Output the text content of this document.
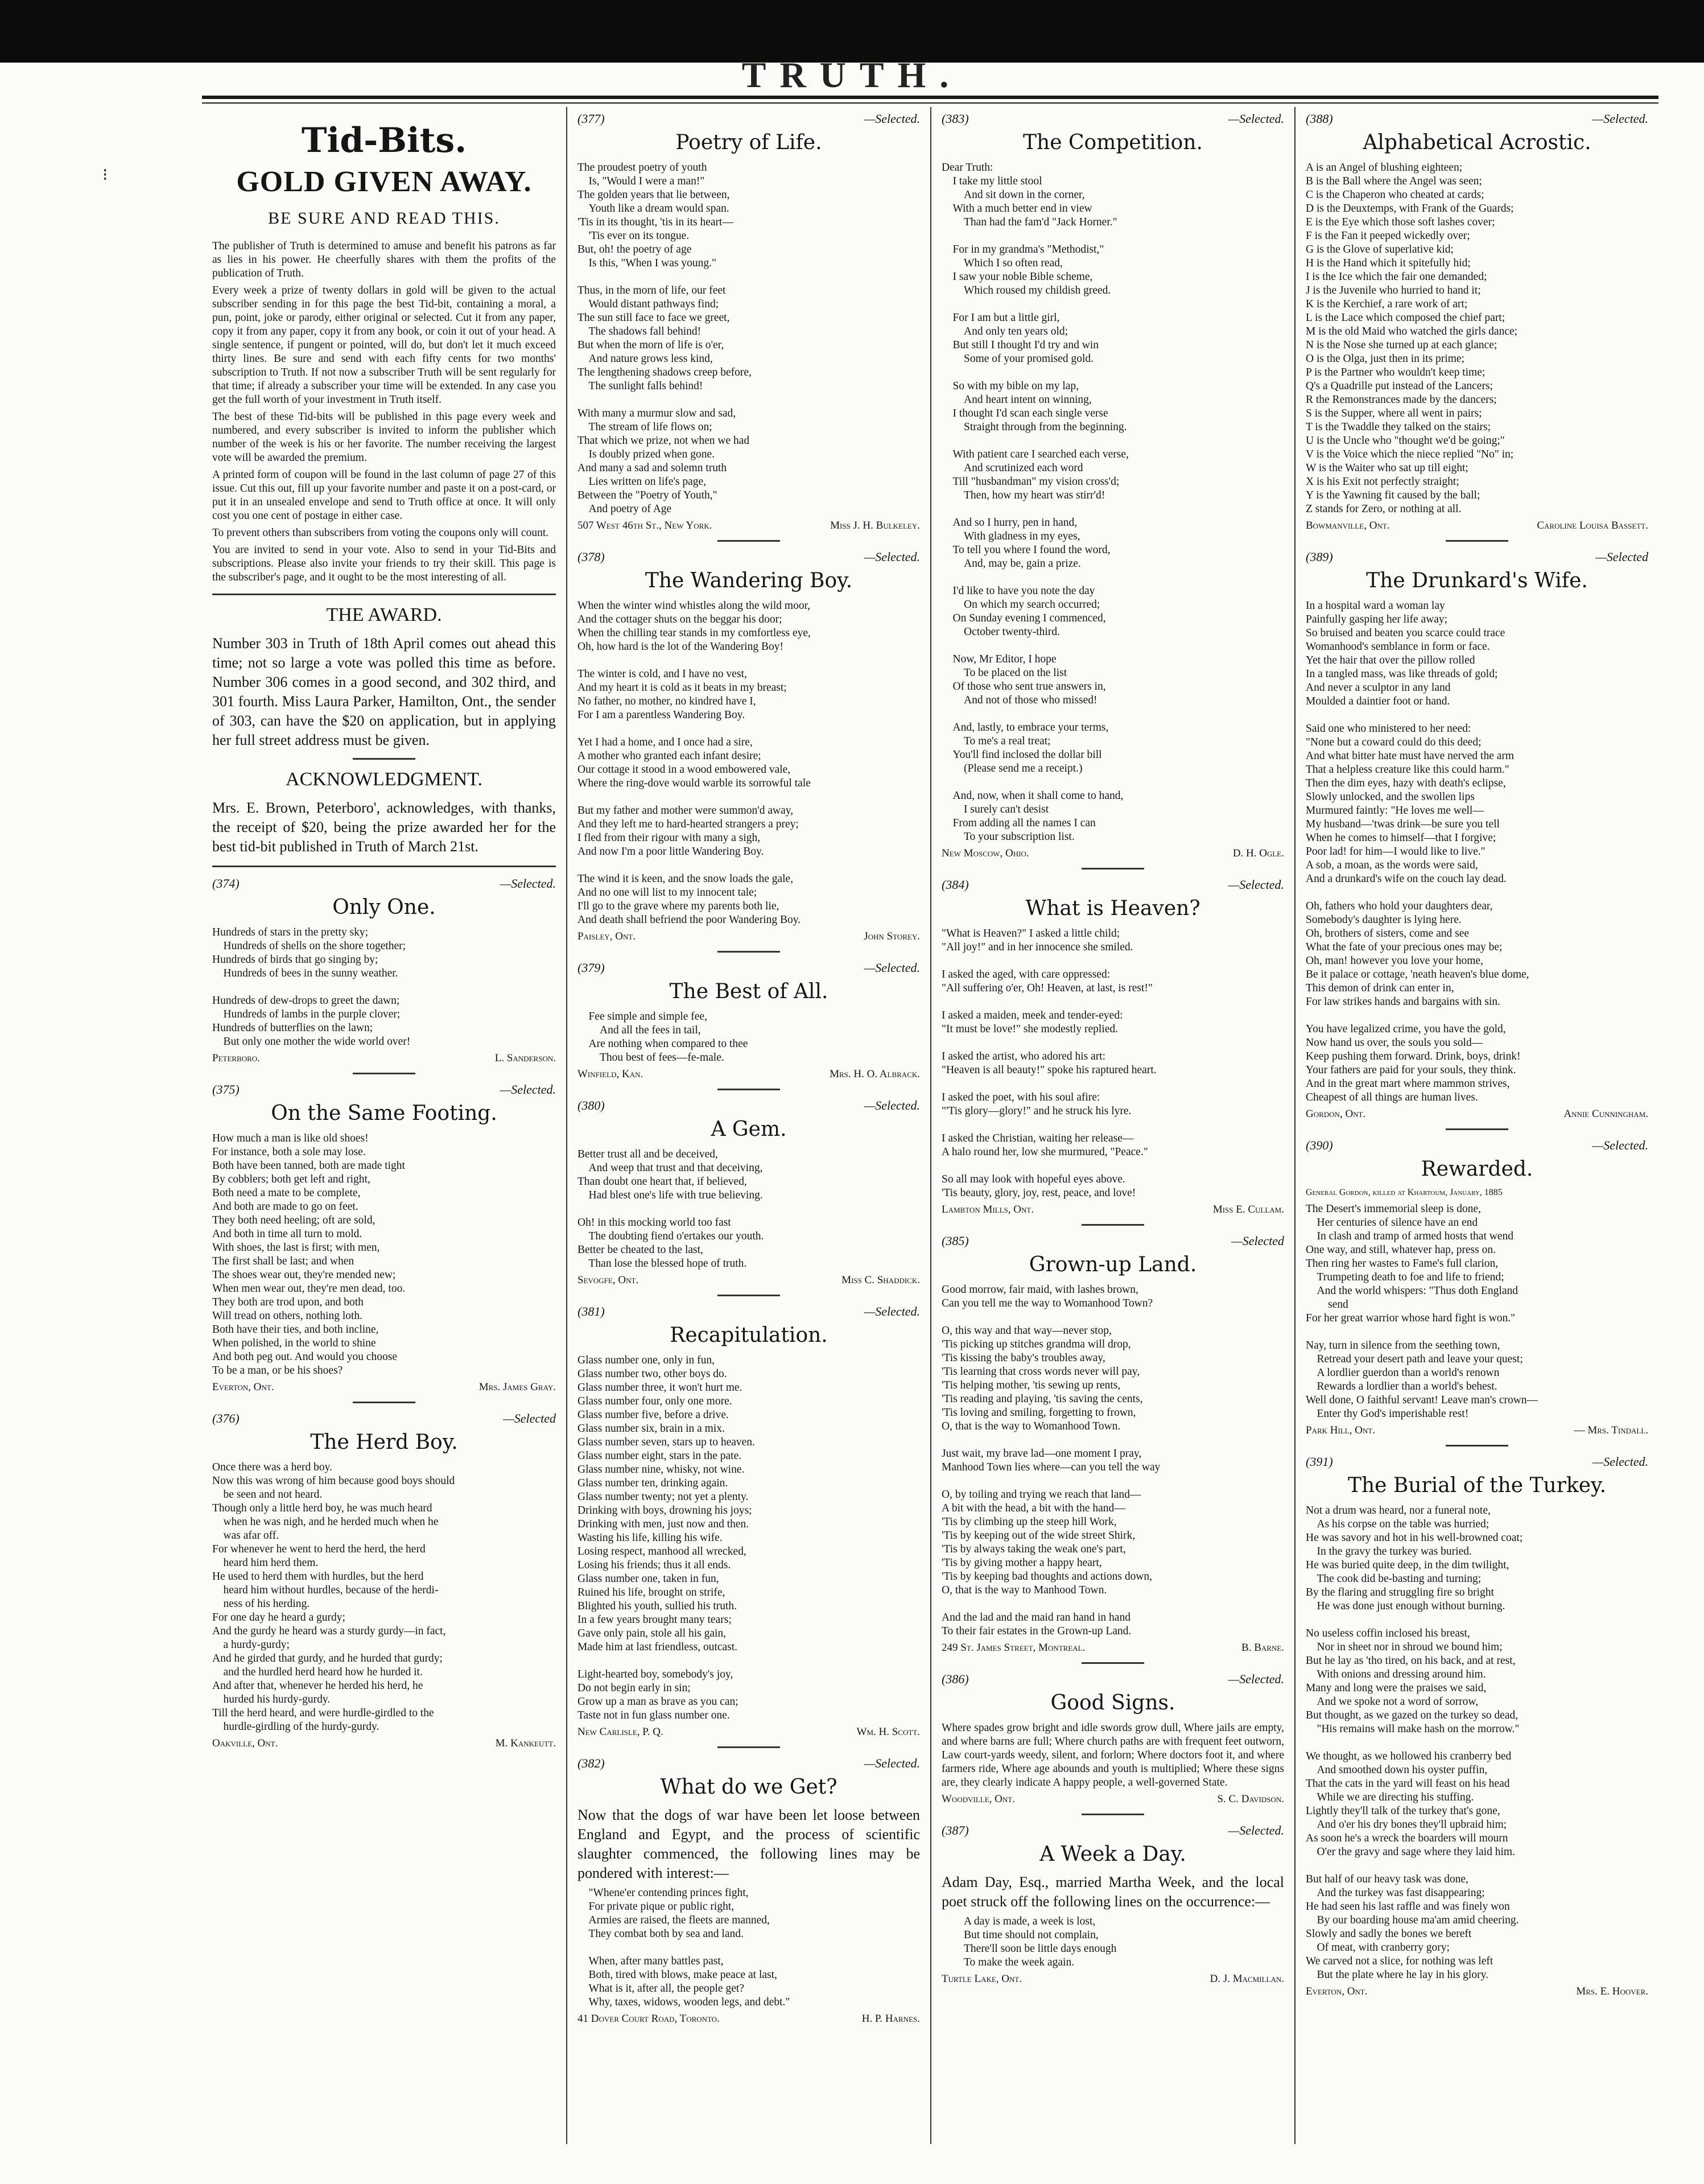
TRUTH.
⁝
Tid-Bits.
GOLD GIVEN AWAY.
BE SURE AND READ THIS.

The publisher of Truth is determined to amuse and benefit his patrons as far as lies in his power. He cheerfully shares with them the profits of the publication of Truth.

Every week a prize of twenty dollars in gold will be given to the actual subscriber sending in for this page the best Tid-bit, containing a moral, a pun, point, joke or parody, either original or selected. Cut it from any paper, copy it from any paper, copy it from any book, or coin it out of your head. A single sentence, if pungent or pointed, will do, but don't let it much exceed thirty lines. Be sure and send with each fifty cents for two months' subscription to Truth. If not now a subscriber Truth will be sent regularly for that time; if already a subscriber your time will be extended. In any case you get the full worth of your investment in Truth itself.

The best of these Tid-bits will be published in this page every week and numbered, and every subscriber is invited to inform the publisher which number of the week is his or her favorite. The number receiving the largest vote will be awarded the premium.

A printed form of coupon will be found in the last column of page 27 of this issue. Cut this out, fill up your favorite number and paste it on a post-card, or put it in an unsealed envelope and send to Truth office at once. It will only cost you one cent of postage in either case.

To prevent others than subscribers from voting the coupons only will count.

You are invited to send in your vote. Also to send in your Tid-Bits and subscriptions. Please also invite your friends to try their skill. This page is the subscriber's page, and it ought to be the most interesting of all.

THE AWARD.

Number 303 in Truth of 18th April comes out ahead this time; not so large a vote was polled this time as before. Number 306 comes in a good second, and 302 third, and 301 fourth. Miss Laura Parker, Hamilton, Ont., the sender of 303, can have the $20 on application, but in applying her full street address must be given.

ACKNOWLEDGMENT.

Mrs. E. Brown, Peterboro', acknowledges, with thanks, the receipt of $20, being the prize awarded her for the best tid-bit published in Truth of March 21st.

(374)	—Selected.
Only One.
Hundreds of stars in the pretty sky;
Hundreds of shells on the shore together;
Hundreds of birds that go singing by;
Hundreds of bees in the sunny weather.

Hundreds of dew-drops to greet the dawn;
Hundreds of lambs in the purple clover;
Hundreds of butterflies on the lawn;
But only one mother the wide world over!
Peterboro.	L. Sanderson.
(375)	—Selected.
On the Same Footing.
How much a man is like old shoes!
For instance, both a sole may lose.
Both have been tanned, both are made tight
By cobblers; both get left and right,
Both need a mate to be complete,
And both are made to go on feet.
They both need heeling; oft are sold,
And both in time all turn to mold.
With shoes, the last is first; with men,
The first shall be last; and when
The shoes wear out, they're mended new;
When men wear out, they're men dead, too.
They both are trod upon, and both
Will tread on others, nothing loth.
Both have their ties, and both incline,
When polished, in the world to shine
And both peg out. And would you choose
To be a man, or be his shoes?
Everton, Ont.	Mrs. James Gray.
(376)	—Selected
The Herd Boy.
Once there was a herd boy.
Now this was wrong of him because good boys should
be seen and not heard.
Though only a little herd boy, he was much heard
when he was nigh, and he herded much when he
was afar off.
For whenever he went to herd the herd, the herd
heard him herd them.
He used to herd them with hurdles, but the herd
heard him without hurdles, because of the herdi-
ness of his herding.
For one day he heard a gurdy;
And the gurdy he heard was a sturdy gurdy—in fact,
a hurdy-gurdy;
And he girded that gurdy, and he hurded that gurdy;
and the hurdled herd heard how he hurded it.
And after that, whenever he herded his herd, he
hurded his hurdy-gurdy.
Till the herd heard, and were hurdle-girdled to the
hurdle-girdling of the hurdy-gurdy.
Oakville, Ont.	M. Kankeutt.
(377)	—Selected.
Poetry of Life.
The proudest poetry of youth
Is, "Would I were a man!"
The golden years that lie between,
Youth like a dream would span.
'Tis in its thought, 'tis in its heart—
'Tis ever on its tongue.
But, oh! the poetry of age
Is this, "When I was young."

Thus, in the morn of life, our feet
Would distant pathways find;
The sun still face to face we greet,
The shadows fall behind!
But when the morn of life is o'er,
And nature grows less kind,
The lengthening shadows creep before,
The sunlight falls behind!

With many a murmur slow and sad,
The stream of life flows on;
That which we prize, not when we had
Is doubly prized when gone.
And many a sad and solemn truth
Lies written on life's page,
Between the "Poetry of Youth,"
And poetry of Age
507 West 46th St., New York.	Miss J. H. Bulkeley.
(378)	—Selected.
The Wandering Boy.
When the winter wind whistles along the wild moor,
And the cottager shuts on the beggar his door;
When the chilling tear stands in my comfortless eye,
Oh, how hard is the lot of the Wandering Boy!

The winter is cold, and I have no vest,
And my heart it is cold as it beats in my breast;
No father, no mother, no kindred have I,
For I am a parentless Wandering Boy.

Yet I had a home, and I once had a sire,
A mother who granted each infant desire;
Our cottage it stood in a wood embowered vale,
Where the ring-dove would warble its sorrowful tale

But my father and mother were summon'd away,
And they left me to hard-hearted strangers a prey;
I fled from their rigour with many a sigh,
And now I'm a poor little Wandering Boy.

The wind it is keen, and the snow loads the gale,
And no one will list to my innocent tale;
I'll go to the grave where my parents both lie,
And death shall befriend the poor Wandering Boy.
Paisley, Ont.	John Storey.
(379)	—Selected.
The Best of All.
Fee simple and simple fee,
And all the fees in tail,
Are nothing when compared to thee
Thou best of fees—fe-male.
Winfield, Kan.	Mrs. H. O. Albrack.
(380)	—Selected.
A Gem.
Better trust all and be deceived,
And weep that trust and that deceiving,
Than doubt one heart that, if believed,
Had blest one's life with true believing.

Oh! in this mocking world too fast
The doubting fiend o'ertakes our youth.
Better be cheated to the last,
Than lose the blessed hope of truth.
Sevogfe, Ont.	Miss C. Shaddick.
(381)	—Selected.
Recapitulation.
Glass number one, only in fun,
Glass number two, other boys do.
Glass number three, it won't hurt me.
Glass number four, only one more.
Glass number five, before a drive.
Glass number six, brain in a mix.
Glass number seven, stars up to heaven.
Glass number eight, stars in the pate.
Glass number nine, whisky, not wine.
Glass number ten, drinking again.
Glass number twenty; not yet a plenty.
Drinking with boys, drowning his joys;
Drinking with men, just now and then.
Wasting his life, killing his wife.
Losing respect, manhood all wrecked,
Losing his friends; thus it all ends.
Glass number one, taken in fun,
Ruined his life, brought on strife,
Blighted his youth, sullied his truth.
In a few years brought many tears;
Gave only pain, stole all his gain,
Made him at last friendless, outcast.

Light-hearted boy, somebody's joy,
Do not begin early in sin;
Grow up a man as brave as you can;
Taste not in fun glass number one.
New Carlisle, P. Q.	Wm. H. Scott.
(382)	—Selected.
What do we Get?

Now that the dogs of war have been let loose between England and Egypt, and the process of scientific slaughter commenced, the following lines may be pondered with interest:—

"Whene'er contending princes fight,
For private pique or public right,
Armies are raised, the fleets are manned,
They combat both by sea and land.

When, after many battles past,
Both, tired with blows, make peace at last,
What is it, after all, the people get?
Why, taxes, widows, wooden legs, and debt."
41 Dover Court Road, Toronto.	H. P. Harnes.
(383)	—Selected.
The Competition.
Dear Truth:
I take my little stool
And sit down in the corner,
With a much better end in view
Than had the fam'd "Jack Horner."

For in my grandma's "Methodist,"
Which I so often read,
I saw your noble Bible scheme,
Which roused my childish greed.

For I am but a little girl,
And only ten years old;
But still I thought I'd try and win
Some of your promised gold.

So with my bible on my lap,
And heart intent on winning,
I thought I'd scan each single verse
Straight through from the beginning.

With patient care I searched each verse,
And scrutinized each word
Till "husbandman" my vision cross'd;
Then, how my heart was stirr'd!

And so I hurry, pen in hand,
With gladness in my eyes,
To tell you where I found the word,
And, may be, gain a prize.

I'd like to have you note the day
On which my search occurred;
On Sunday evening I commenced,
October twenty-third.

Now, Mr Editor, I hope
To be placed on the list
Of those who sent true answers in,
And not of those who missed!

And, lastly, to embrace your terms,
To me's a real treat;
You'll find inclosed the dollar bill
(Please send me a receipt.)

And, now, when it shall come to hand,
I surely can't desist
From adding all the names I can
To your subscription list.
New Moscow, Ohio.	D. H. Ogle.
(384)	—Selected.
What is Heaven?
"What is Heaven?" I asked a little child;
"All joy!" and in her innocence she smiled.

I asked the aged, with care oppressed:
"All suffering o'er, Oh! Heaven, at last, is rest!"

I asked a maiden, meek and tender-eyed:
"It must be love!" she modestly replied.

I asked the artist, who adored his art:
"Heaven is all beauty!" spoke his raptured heart.

I asked the poet, with his soul afire:
"'Tis glory—glory!" and he struck his lyre.

I asked the Christian, waiting her release—
A halo round her, low she murmured, "Peace."

So all may look with hopeful eyes above.
'Tis beauty, glory, joy, rest, peace, and love!
Lambton Mills, Ont.	Miss E. Cullam.
(385)	—Selected
Grown-up Land.
Good morrow, fair maid, with lashes brown,
Can you tell me the way to Womanhood Town?

O, this way and that way—never stop,
'Tis picking up stitches grandma will drop,
'Tis kissing the baby's troubles away,
'Tis learning that cross words never will pay,
'Tis helping mother, 'tis sewing up rents,
'Tis reading and playing, 'tis saving the cents,
'Tis loving and smiling, forgetting to frown,
O, that is the way to Womanhood Town.

Just wait, my brave lad—one moment I pray,
Manhood Town lies where—can you tell the way

O, by toiling and trying we reach that land—
A bit with the head, a bit with the hand—
'Tis by climbing up the steep hill Work,
'Tis by keeping out of the wide street Shirk,
'Tis by always taking the weak one's part,
'Tis by giving mother a happy heart,
'Tis by keeping bad thoughts and actions down,
O, that is the way to Manhood Town.

And the lad and the maid ran hand in hand
To their fair estates in the Grown-up Land.
249 St. James Street, Montreal.	B. Barne.
(386)	—Selected.
Good Signs.

Where spades grow bright and idle swords grow dull, Where jails are empty, and where barns are full; Where church paths are with frequent feet outworn, Law court-yards weedy, silent, and forlorn; Where doctors foot it, and where farmers ride, Where age abounds and youth is multiplied; Where these signs are, they clearly indicate A happy people, a well-governed State.

Woodville, Ont.	S. C. Davidson.
(387)	—Selected.
A Week a Day.

Adam Day, Esq., married Martha Week, and the local poet struck off the following lines on the occurrence:—

A day is made, a week is lost,
But time should not complain,
There'll soon be little days enough
To make the week again.
Turtle Lake, Ont.	D. J. Macmillan.
(388)	—Selected.
Alphabetical Acrostic.
A is an Angel of blushing eighteen;
B is the Ball where the Angel was seen;
C is the Chaperon who cheated at cards;
D is the Deuxtemps, with Frank of the Guards;
E is the Eye which those soft lashes cover;
F is the Fan it peeped wickedly over;
G is the Glove of superlative kid;
H is the Hand which it spitefully hid;
I is the Ice which the fair one demanded;
J is the Juvenile who hurried to hand it;
K is the Kerchief, a rare work of art;
L is the Lace which composed the chief part;
M is the old Maid who watched the girls dance;
N is the Nose she turned up at each glance;
O is the Olga, just then in its prime;
P is the Partner who wouldn't keep time;
Q's a Quadrille put instead of the Lancers;
R the Remonstrances made by the dancers;
S is the Supper, where all went in pairs;
T is the Twaddle they talked on the stairs;
U is the Uncle who "thought we'd be going;"
V is the Voice which the niece replied "No" in;
W is the Waiter who sat up till eight;
X is his Exit not perfectly straight;
Y is the Yawning fit caused by the ball;
Z stands for Zero, or nothing at all.
Bowmanville, Ont.	Caroline Louisa Bassett.
(389)	—Selected
The Drunkard's Wife.
In a hospital ward a woman lay
Painfully gasping her life away;
So bruised and beaten you scarce could trace
Womanhood's semblance in form or face.
Yet the hair that over the pillow rolled
In a tangled mass, was like threads of gold;
And never a sculptor in any land
Moulded a daintier foot or hand.

Said one who ministered to her need:
"None but a coward could do this deed;
And what bitter hate must have nerved the arm
That a helpless creature like this could harm."
Then the dim eyes, hazy with death's eclipse,
Slowly unlocked, and the swollen lips
Murmured faintly: "He loves me well—
My husband—'twas drink—be sure you tell
When he comes to himself—that I forgive;
Poor lad! for him—I would like to live."
A sob, a moan, as the words were said,
And a drunkard's wife on the couch lay dead.

Oh, fathers who hold your daughters dear,
Somebody's daughter is lying here.
Oh, brothers of sisters, come and see
What the fate of your precious ones may be;
Oh, man! however you love your home,
Be it palace or cottage, 'neath heaven's blue dome,
This demon of drink can enter in,
For law strikes hands and bargains with sin.

You have legalized crime, you have the gold,
Now hand us over, the souls you sold—
Keep pushing them forward. Drink, boys, drink!
Your fathers are paid for your souls, they think.
And in the great mart where mammon strives,
Cheapest of all things are human lives.
Gordon, Ont.	Annie Cunningham.
(390)	—Selected.
Rewarded.
General Gordon, killed at Khartoum, January, 1885
The Desert's immemorial sleep is done,
Her centuries of silence have an end
In clash and tramp of armed hosts that wend
One way, and still, whatever hap, press on.
Then ring her wastes to Fame's full clarion,
Trumpeting death to foe and life to friend;
And the world whispers: "Thus doth England
send
For her great warrior whose hard fight is won."

Nay, turn in silence from the seething town,
Retread your desert path and leave your quest;
A lordlier guerdon than a world's renown
Rewards a lordlier than a world's behest.
Well done, O faithful servant! Leave man's crown—
Enter thy God's imperishable rest!
Park Hill, Ont.	— Mrs. Tindall.
(391)	—Selected.
The Burial of the Turkey.
Not a drum was heard, nor a funeral note,
As his corpse on the table was hurried;
He was savory and hot in his well-browned coat;
In the gravy the turkey was buried.
He was buried quite deep, in the dim twilight,
The cook did be-basting and turning;
By the flaring and struggling fire so bright
He was done just enough without burning.

No useless coffin inclosed his breast,
Nor in sheet nor in shroud we bound him;
But he lay as 'tho tired, on his back, and at rest,
With onions and dressing around him.
Many and long were the praises we said,
And we spoke not a word of sorrow,
But thought, as we gazed on the turkey so dead,
"His remains will make hash on the morrow."

We thought, as we hollowed his cranberry bed
And smoothed down his oyster puffin,
That the cats in the yard will feast on his head
While we are directing his stuffing.
Lightly they'll talk of the turkey that's gone,
And o'er his dry bones they'll upbraid him;
As soon he's a wreck the boarders will mourn
O'er the gravy and sage where they laid him.

But half of our heavy task was done,
And the turkey was fast disappearing;
He had seen his last raffle and was finely won
By our boarding house ma'am amid cheering.
Slowly and sadly the bones we bereft
Of meat, with cranberry gory;
We carved not a slice, for nothing was left
But the plate where he lay in his glory.
Everton, Ont.	Mrs. E. Hoover.
